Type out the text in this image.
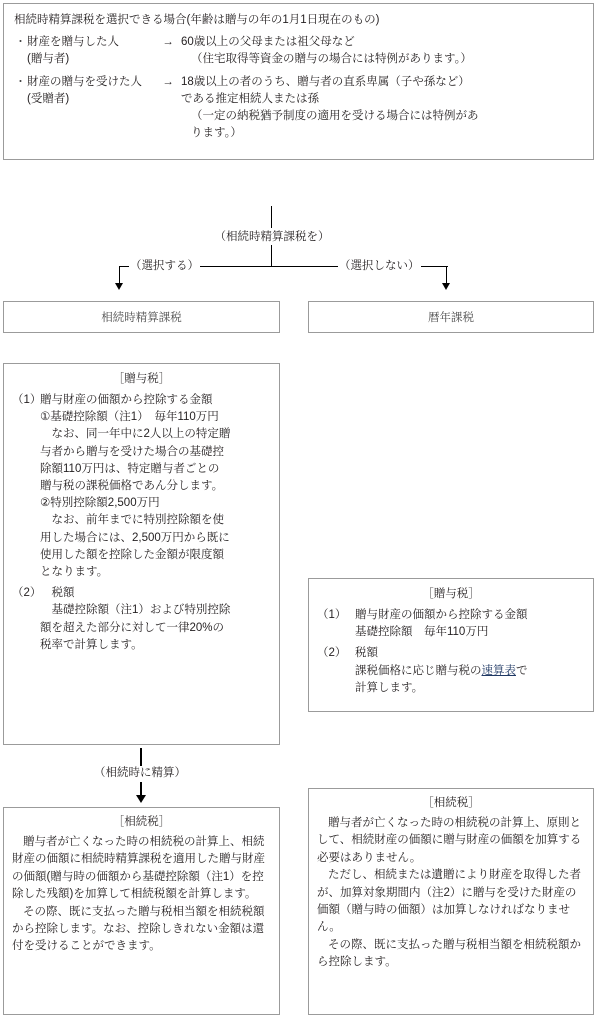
相続時精算課税を選択できる場合(年齢は贈与の年の1月1日現在のもの)
・ 財産を贈与した人
(贈与者)
→ 60歳以上の父母または祖父母など
（住宅取得等資金の贈与の場合には特例があります。）
・ 財産の贈与を受けた人
(受贈者)
→ 18歳以上の者のうち、贈与者の直系卑属（子や孫など）
である推定相続人または孫
（一定の納税猶予制度の適用を受ける場合には特例があ
ります。）
（相続時精算課税を）
（選択する）	（選択しない）
相続時精算課税	暦年課税
［贈与税］
（1）
贈与財産の価額から控除する金額
①基礎控除額（注1）　毎年110万円
　なお、同一年中に2人以上の特定贈
与者から贈与を受けた場合の基礎控
除額110万円は、特定贈与者ごとの
贈与税の課税価格であん分します。
②特別控除額2,500万円
　なお、前年までに特別控除額を使
用した場合には、2,500万円から既に
使用した額を控除した金額が限度額
となります。
（2）
　税額
　基礎控除額（注1）および特別控除
額を超えた部分に対して一律20%の
税率で計算します。
［贈与税］
（1） 贈与財産の価額から控除する金額
基礎控除額　毎年110万円
（2） 税額
課税価格に応じ贈与税の速算表で
計算します。
（相続時に精算）
［相続税］

贈与者が亡くなった時の相続税の計算上、相続財産の価額に相続時精算課税を適用した贈与財産の価額(贈与時の価額から基礎控除額（注1）を控除した残額)を加算して相続税額を計算します。

その際、既に支払った贈与税相当額を相続税額から控除します。なお、控除しきれない金額は還付を受けることができます。

［相続税］

贈与者が亡くなった時の相続税の計算上、原則として、相続財産の価額に贈与財産の価額を加算する必要はありません。

ただし、相続または遺贈により財産を取得した者が、加算対象期間内（注2）に贈与を受けた財産の価額（贈与時の価額）は加算しなければなりません。

その際、既に支払った贈与税相当額を相続税額から控除します。
